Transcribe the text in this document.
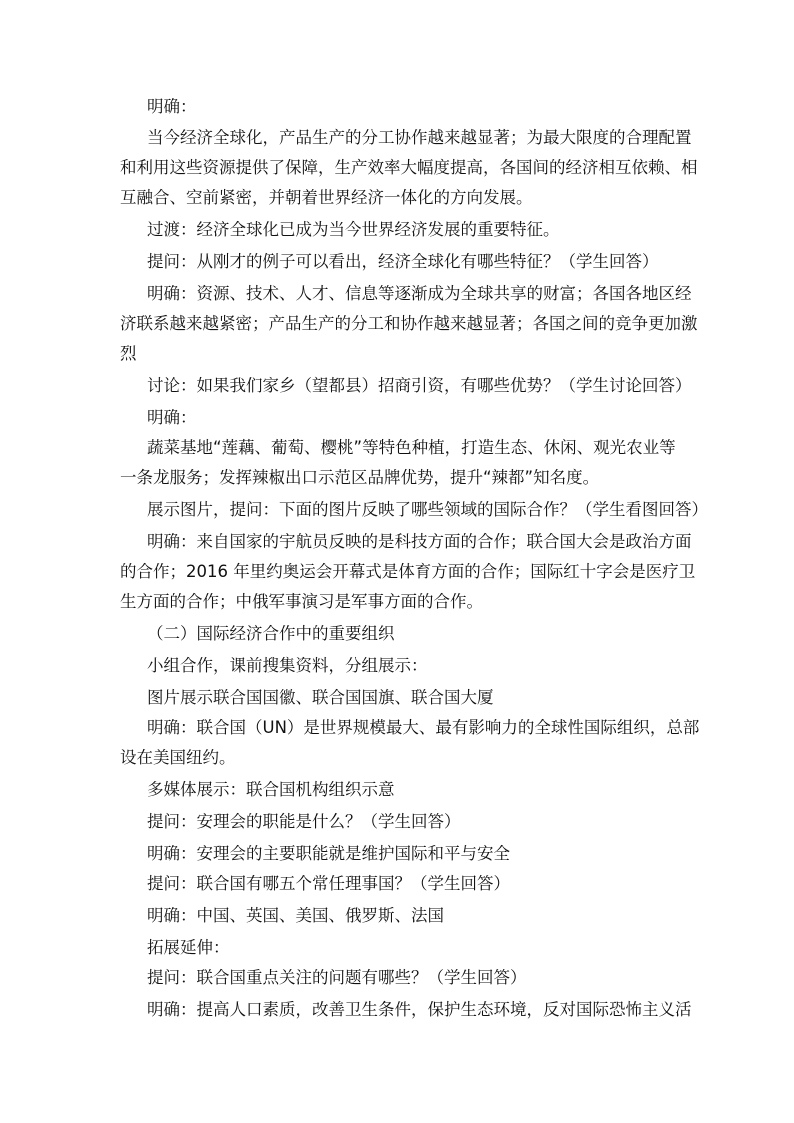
明确：
当今经济全球化，产品生产的分工协作越来越显著；为最大限度的合理配置
和利用这些资源提供了保障，生产效率大幅度提高，各国间的经济相互依赖、相
互融合、空前紧密，并朝着世界经济一体化的方向发展。
过渡：经济全球化已成为当今世界经济发展的重要特征。
提问：从刚才的例子可以看出，经济全球化有哪些特征？（学生回答）
明确：资源、技术、人才、信息等逐渐成为全球共享的财富；各国各地区经
济联系越来越紧密；产品生产的分工和协作越来越显著；各国之间的竞争更加激
烈
讨论：如果我们家乡（望都县）招商引资，有哪些优势？（学生讨论回答）
明确：
蔬菜基地“莲藕、葡萄、樱桃”等特色种植，打造生态、休闲、观光农业等
一条龙服务；发挥辣椒出口示范区品牌优势，提升“辣都”知名度。
展示图片，提问：下面的图片反映了哪些领域的国际合作？（学生看图回答）
明确：来自国家的宇航员反映的是科技方面的合作；联合国大会是政治方面
的合作；2016 年里约奥运会开幕式是体育方面的合作；国际红十字会是医疗卫
生方面的合作；中俄军事演习是军事方面的合作。
（二）国际经济合作中的重要组织
小组合作，课前搜集资料，分组展示：
图片展示联合国国徽、联合国国旗、联合国大厦
明确：联合国（UN）是世界规模最大、最有影响力的全球性国际组织，总部
设在美国纽约。
多媒体展示：联合国机构组织示意
提问：安理会的职能是什么？（学生回答）
明确：安理会的主要职能就是维护国际和平与安全
提问：联合国有哪五个常任理事国？（学生回答）
明确：中国、英国、美国、俄罗斯、法国
拓展延伸：
提问：联合国重点关注的问题有哪些？（学生回答）
明确：提高人口素质，改善卫生条件，保护生态环境，反对国际恐怖主义活
